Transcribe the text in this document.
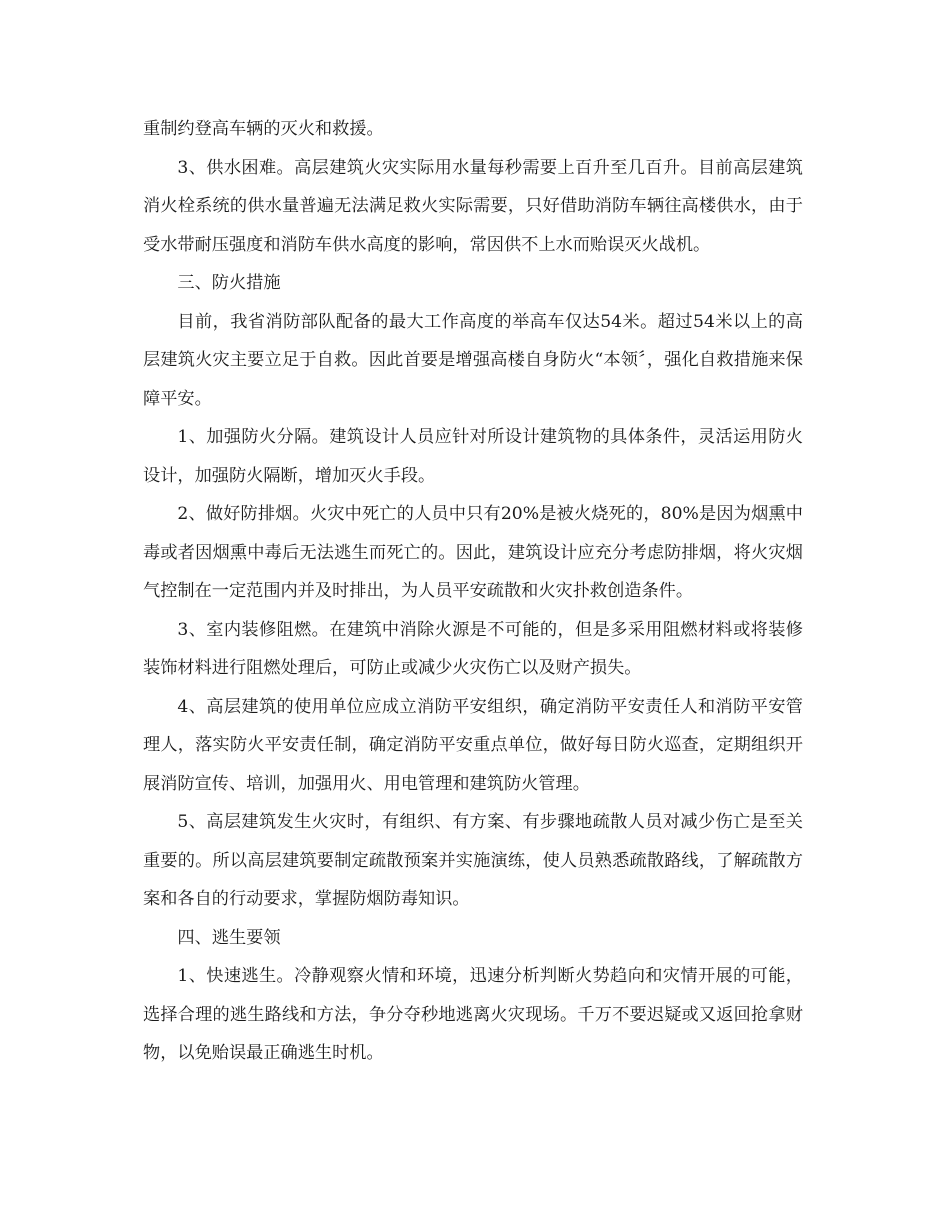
重制约登高车辆的灭火和救援。

3、供水困难。高层建筑火灾实际用水量每秒需要上百升至几百升。目前高层建筑消火栓系统的供水量普遍无法满足救火实际需要，只好借助消防车辆往高楼供水，由于受水带耐压强度和消防车供水高度的影响，常因供不上水而贻误灭火战机。

三、防火措施

目前，我省消防部队配备的最大工作高度的举高车仅达54米。超过54米以上的高层建筑火灾主要立足于自救。因此首要是增强高楼自身防火“本领〞，强化自救措施来保障平安。

1、加强防火分隔。建筑设计人员应针对所设计建筑物的具体条件，灵活运用防火设计，加强防火隔断，增加灭火手段。

2、做好防排烟。火灾中死亡的人员中只有20%是被火烧死的，80%是因为烟熏中毒或者因烟熏中毒后无法逃生而死亡的。因此，建筑设计应充分考虑防排烟，将火灾烟气控制在一定范围内并及时排出，为人员平安疏散和火灾扑救创造条件。

3、室内装修阻燃。在建筑中消除火源是不可能的，但是多采用阻燃材料或将装修装饰材料进行阻燃处理后，可防止或减少火灾伤亡以及财产损失。

4、高层建筑的使用单位应成立消防平安组织，确定消防平安责任人和消防平安管理人，落实防火平安责任制，确定消防平安重点单位，做好每日防火巡查，定期组织开展消防宣传、培训，加强用火、用电管理和建筑防火管理。

5、高层建筑发生火灾时，有组织、有方案、有步骤地疏散人员对减少伤亡是至关重要的。所以高层建筑要制定疏散预案并实施演练，使人员熟悉疏散路线，了解疏散方案和各自的行动要求，掌握防烟防毒知识。

四、逃生要领

1、快速逃生。冷静观察火情和环境，迅速分析判断火势趋向和灾情开展的可能，选择合理的逃生路线和方法，争分夺秒地逃离火灾现场。千万不要迟疑或又返回抢拿财物，以免贻误最正确逃生时机。
